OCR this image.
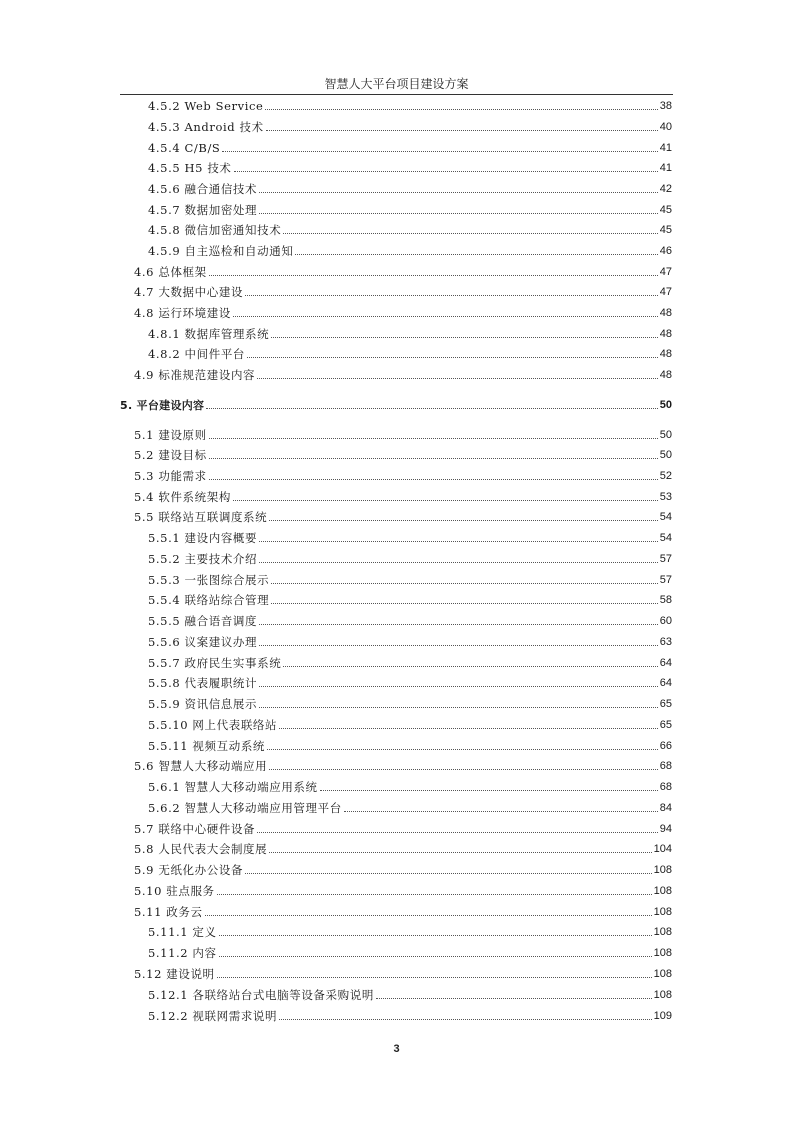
智慧人大平台项目建设方案
4.5.2 Web Service	38
4.5.3 Android 技术	40
4.5.4 C/B/S	41
4.5.5 H5 技术	41
4.5.6 融合通信技术	42
4.5.7 数据加密处理	45
4.5.8 微信加密通知技术	45
4.5.9 自主巡检和自动通知	46
4.6 总体框架	47
4.7 大数据中心建设	47
4.8 运行环境建设	48
4.8.1 数据库管理系统	48
4.8.2 中间件平台	48
4.9 标准规范建设内容	48
5. 平台建设内容	50
5.1 建设原则	50
5.2 建设目标	50
5.3 功能需求	52
5.4 软件系统架构	53
5.5 联络站互联调度系统	54
5.5.1 建设内容概要	54
5.5.2 主要技术介绍	57
5.5.3 一张图综合展示	57
5.5.4 联络站综合管理	58
5.5.5 融合语音调度	60
5.5.6 议案建议办理	63
5.5.7 政府民生实事系统	64
5.5.8 代表履职统计	64
5.5.9 资讯信息展示	65
5.5.10 网上代表联络站	65
5.5.11 视频互动系统	66
5.6 智慧人大移动端应用	68
5.6.1 智慧人大移动端应用系统	68
5.6.2 智慧人大移动端应用管理平台	84
5.7 联络中心硬件设备	94
5.8 人民代表大会制度展	104
5.9 无纸化办公设备	108
5.10 驻点服务	108
5.11 政务云	108
5.11.1 定义	108
5.11.2 内容	108
5.12 建设说明	108
5.12.1 各联络站台式电脑等设备采购说明	108
5.12.2 视联网需求说明	109
3
